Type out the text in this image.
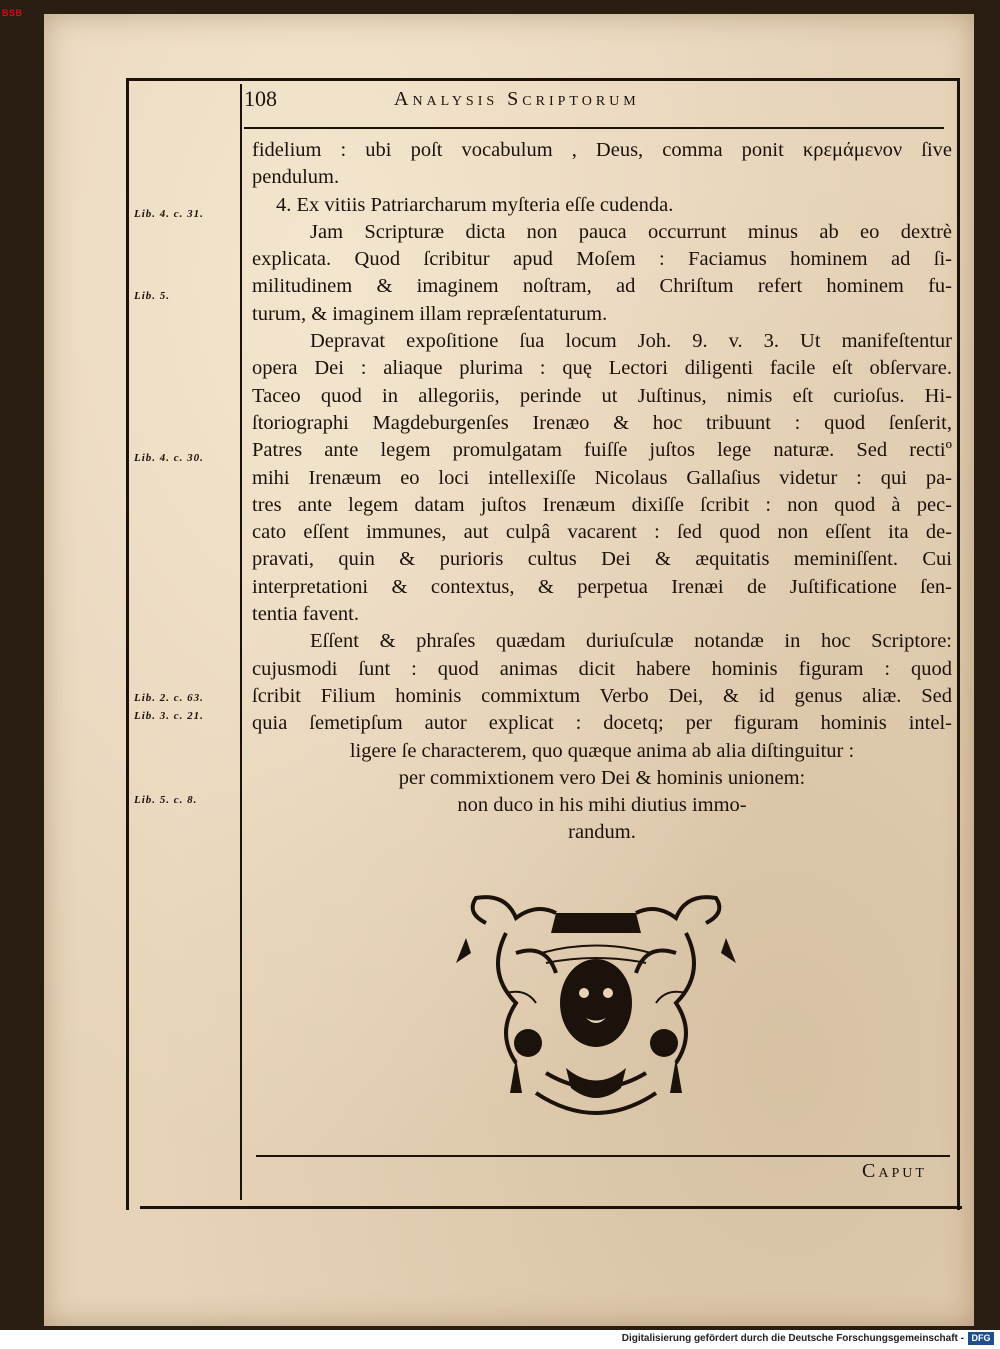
BSB
108	Analysis Scriptorum
Lib. 4. c. 31.
Lib. 5.
Lib. 4. c. 30.
Lib. 2. c. 63.
Lib. 3. c. 21.
Lib. 5. c. 8.
fidelium : ubi poſt vocabulum , Deus, comma ponit κρεμάμενον ſive
pendulum.
4. Ex vitiis Patriarcharum myſteria eſſe cudenda.
Jam Scripturæ dicta non pauca occurrunt minus ab eo dextrè
explicata. Quod ſcribitur apud Moſem : Faciamus hominem ad ſi-
militudinem & imaginem noſtram, ad Chriſtum refert hominem fu-
turum, & imaginem illam repræſentaturum.
Depravat expoſitione ſua locum Joh. 9. v. 3. Ut manifeſtentur
opera Dei : aliaque plurima : quę Lectori diligenti facile eſt obſervare.
Taceo quod in allegoriis, perinde ut Juſtinus, nimis eſt curioſus. Hi-
ſtoriographi Magdeburgenſes Irenæo & hoc tribuunt : quod ſenſerit,
Patres ante legem promulgatam fuiſſe juſtos lege naturæ. Sed rectiº
mihi Irenæum eo loci intellexiſſe Nicolaus Gallaſius videtur : qui pa-
tres ante legem datam juſtos Irenæum dixiſſe ſcribit : non quod à pec-
cato eſſent immunes, aut culpâ vacarent : ſed quod non eſſent ita de-
pravati, quin & purioris cultus Dei & æquitatis meminiſſent. Cui
interpretationi & contextus, & perpetua Irenæi de Juſtificatione ſen-
tentia favent.
Eſſent & phraſes quædam duriuſculæ notandæ in hoc Scriptore:
cujusmodi ſunt : quod animas dicit habere hominis figuram : quod
ſcribit Filium hominis commixtum Verbo Dei, & id genus aliæ. Sed
quia ſemetipſum autor explicat : docetq; per figuram hominis intel-
ligere ſe characterem, quo quæque anima ab alia diſtinguitur :
per commixtionem vero Dei & hominis unionem:
non duco in his mihi diutius immo-
randum.
Caput
Digitalisierung gefördert durch die Deutsche Forschungsgemeinschaft - DFG
